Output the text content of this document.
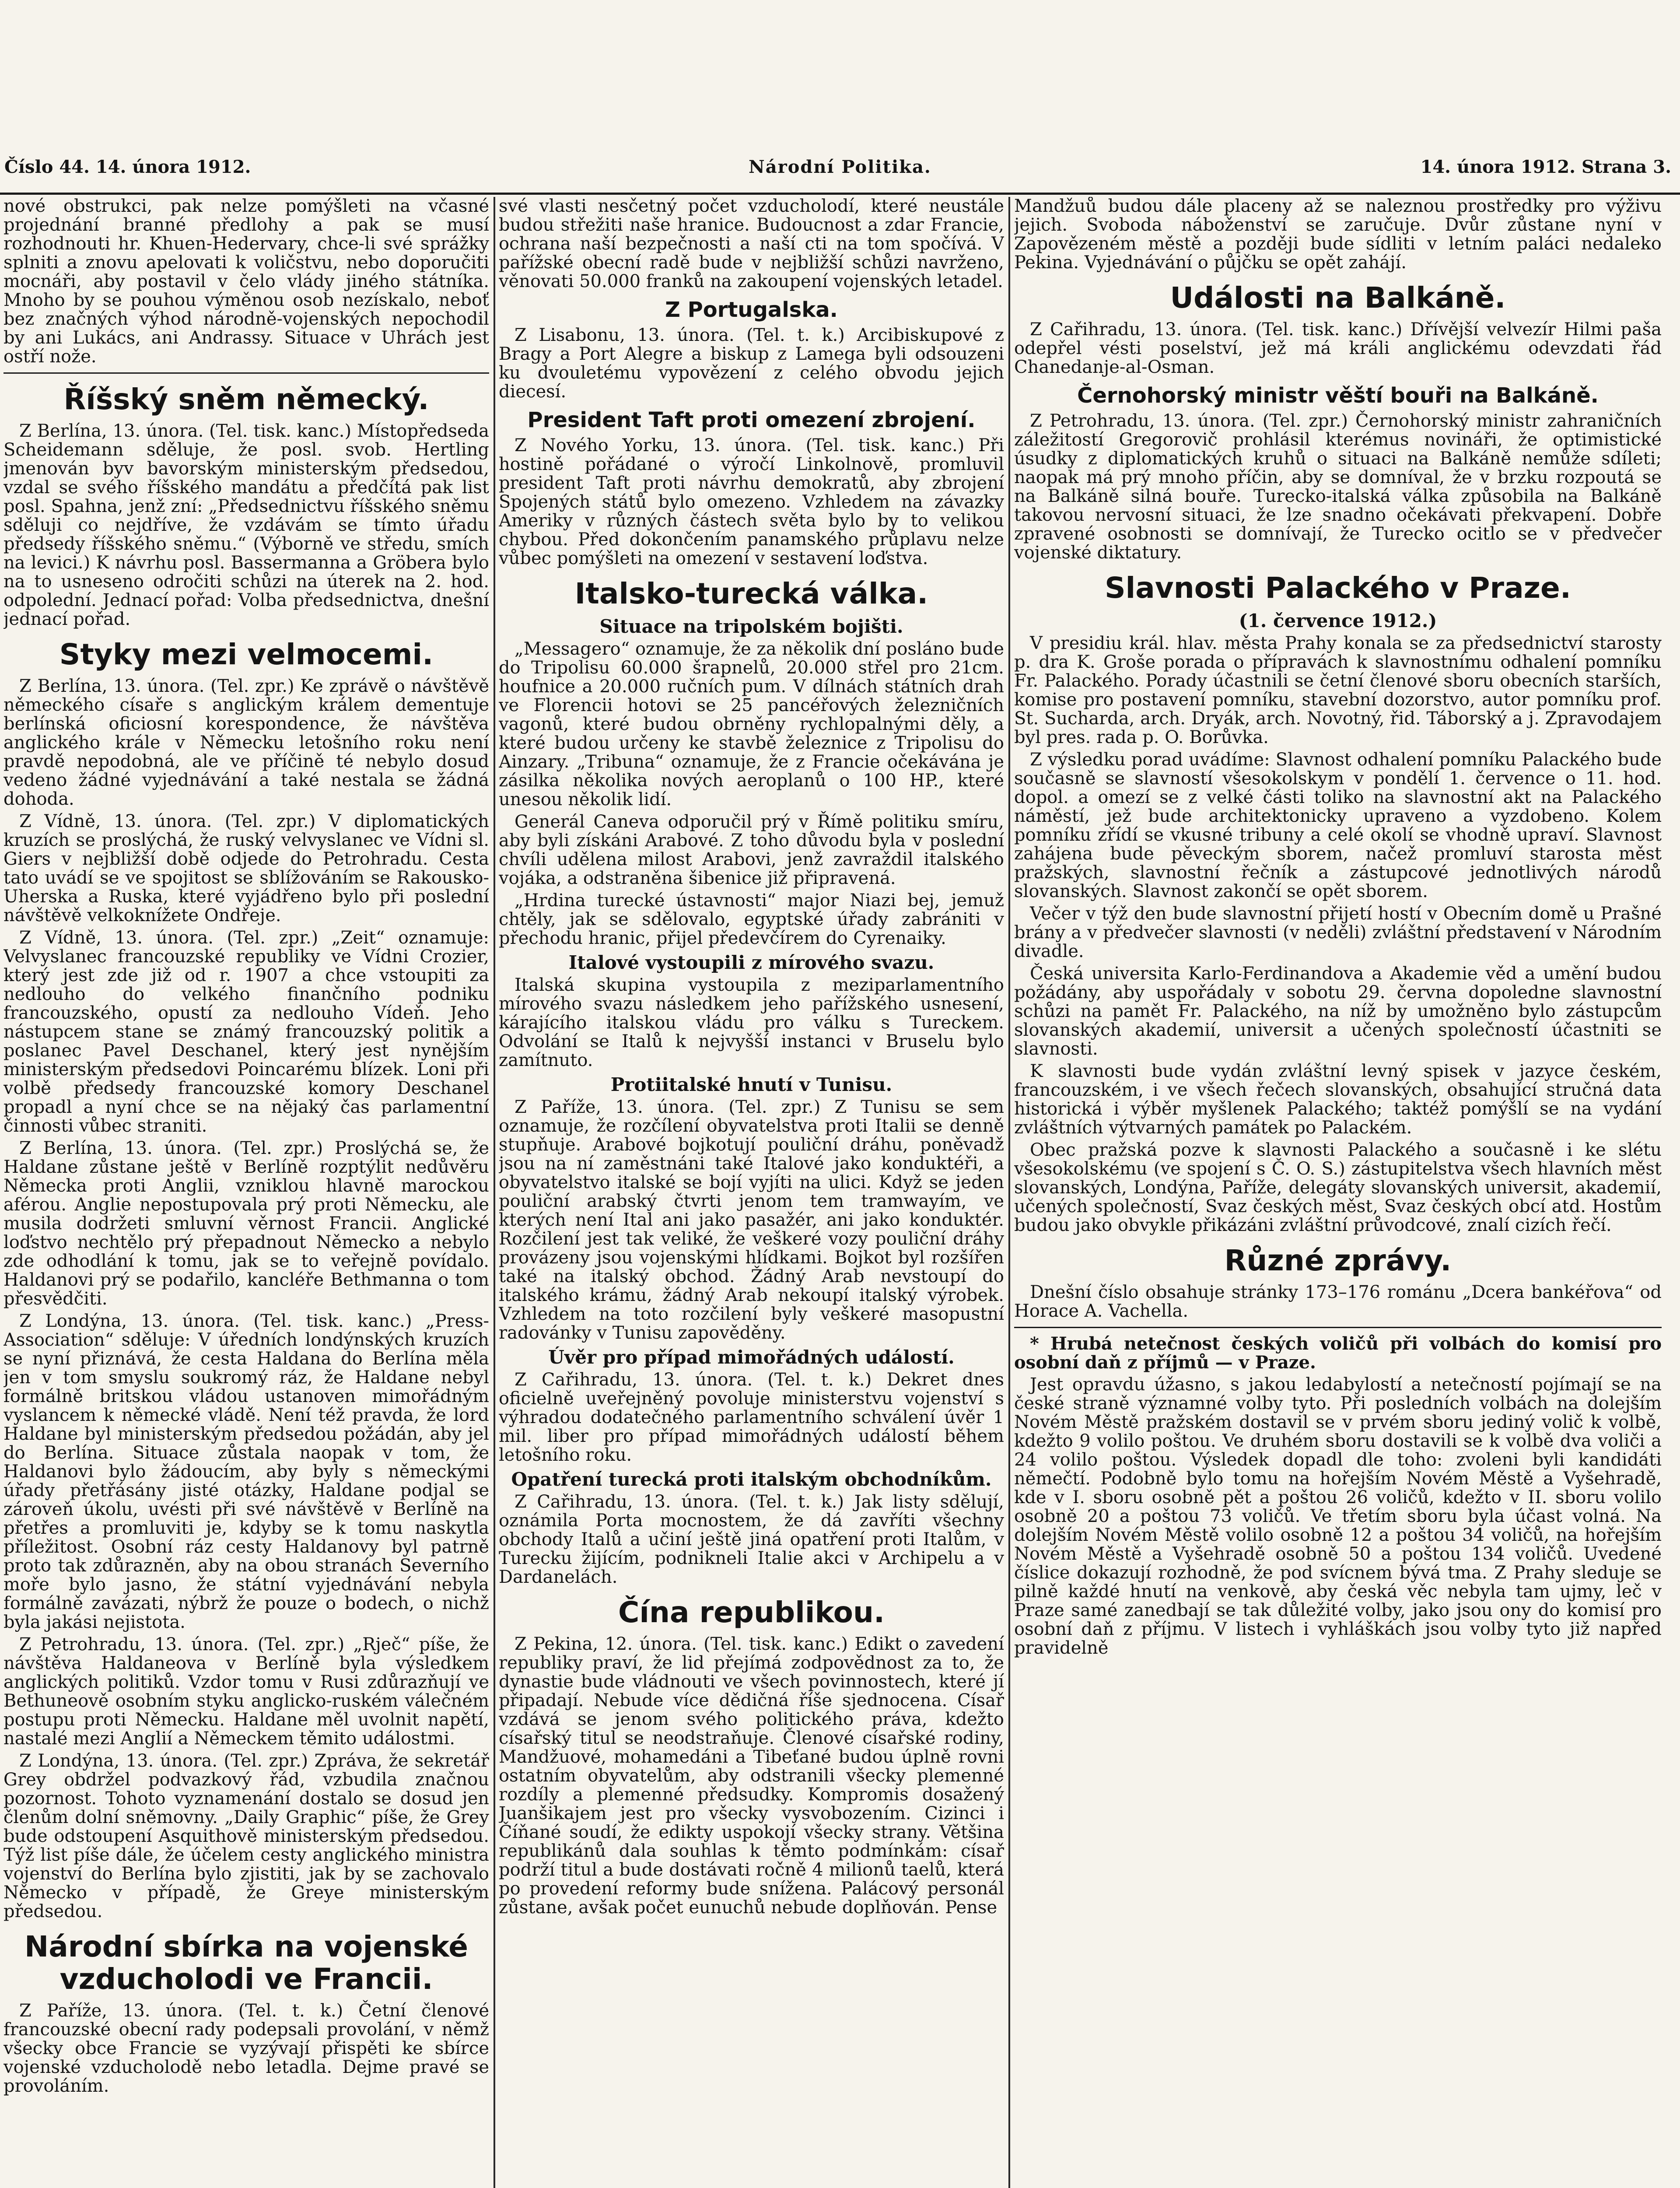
Číslo 44. 14. února 1912.	Národní Politika.	14. února 1912. Strana 3.

nové obstrukci, pak nelze pomýšleti na včasné projednání branné předlohy a pak se musí rozhodnouti hr. Khuen-Hedervary, chce-li své sprážky splniti a znovu apelovati k voličstvu, nebo doporučiti mocnáři, aby postavil v čelo vlády jiného státníka. Mnoho by se pouhou výměnou osob nezískalo, neboť bez značných výhod národně-vojenských nepochodil by ani Lukács, ani Andrassy. Situace v Uhrách jest ostří nože.

Říšský sněm německý.

Z Berlína, 13. února. (Tel. tisk. kanc.) Místopředseda Scheidemann sděluje, že posl. svob. Hertling jmenován byv bavorským ministerským předsedou, vzdal se svého říšského mandátu a předčítá pak list posl. Spahna, jenž zní: „Předsednictvu říšského sněmu sděluji co nejdříve, že vzdávám se tímto úřadu předsedy říšského sněmu.“ (Výborně ve středu, smích na levici.) K návrhu posl. Bassermanna a Gröbera bylo na to usneseno odročiti schůzi na úterek na 2. hod. odpolední. Jednací pořad: Volba předsednictva, dnešní jednací pořad.

Styky mezi velmocemi.

Z Berlína, 13. února. (Tel. zpr.) Ke zprávě o návštěvě německého císaře s anglickým králem dementuje berlínská oficiosní korespondence, že návštěva anglického krále v Německu letošního roku není pravdě nepodobná, ale ve příčině té nebylo dosud vedeno žádné vyjednávání a také nestala se žádná dohoda.

Z Vídně, 13. února. (Tel. zpr.) V diplomatických kruzích se proslýchá, že ruský velvyslanec ve Vídni sl. Giers v nejbližší době odjede do Petrohradu. Cesta tato uvádí se ve spojitost se sblížováním se Rakousko-Uherska a Ruska, které vyjádřeno bylo při poslední návštěvě velkoknížete Ondřeje.

Z Vídně, 13. února. (Tel. zpr.) „Zeit“ oznamuje: Velvyslanec francouzské republiky ve Vídni Crozier, který jest zde již od r. 1907 a chce vstoupiti za nedlouho do velkého finančního podniku francouzského, opustí za nedlouho Vídeň. Jeho nástupcem stane se známý francouzský politik a poslanec Pavel Deschanel, který jest nynějším ministerským předsedovi Poincarému blízek. Loni při volbě předsedy francouzské komory Deschanel propadl a nyní chce se na nějaký čas parlamentní činnosti vůbec straniti.

Z Berlína, 13. února. (Tel. zpr.) Proslýchá se, že Haldane zůstane ještě v Berlíně rozptýlit nedůvěru Německa proti Anglii, vzniklou hlavně marockou aférou. Anglie nepostupovala prý proti Německu, ale musila dodržeti smluvní věrnost Francii. Anglické loďstvo nechtělo prý přepadnout Německo a nebylo zde odhodlání k tomu, jak se to veřejně povídalo. Haldanovi prý se podařilo, kancléře Bethmanna o tom přesvědčiti.

Z Londýna, 13. února. (Tel. tisk. kanc.) „Press-Association“ sděluje: V úředních londýnských kruzích se nyní přiznává, že cesta Haldana do Berlína měla jen v tom smyslu soukromý ráz, že Haldane nebyl formálně britskou vládou ustanoven mimořádným vyslancem k německé vládě. Není též pravda, že lord Haldane byl ministerským předsedou požádán, aby jel do Berlína. Situace zůstala naopak v tom, že Haldanovi bylo žádoucím, aby byly s německými úřady přetřásány jisté otázky, Haldane podjal se zároveň úkolu, uvésti při své návštěvě v Berlíně na přetřes a promluviti je, kdyby se k tomu naskytla příležitost. Osobní ráz cesty Haldanovy byl patrně proto tak zdůrazněn, aby na obou stranách Severního moře bylo jasno, že státní vyjednávání nebyla formálně zavázati, nýbrž že pouze o bodech, o nichž byla jakási nejistota.

Z Petrohradu, 13. února. (Tel. zpr.) „Rječ“ píše, že návštěva Haldaneova v Berlíně byla výsledkem anglických politiků. Vzdor tomu v Rusi zdůrazňují ve Bethuneově osobním styku anglicko-ruském válečném postupu proti Německu. Haldane měl uvolnit napětí, nastalé mezi Anglií a Německem těmito událostmi.

Z Londýna, 13. února. (Tel. zpr.) Zpráva, že sekretář Grey obdržel podvazkový řád, vzbudila značnou pozornost. Tohoto vyznamenání dostalo se dosud jen členům dolní sněmovny. „Daily Graphic“ píše, že Grey bude odstoupení Asquithově ministerským předsedou. Týž list píše dále, že účelem cesty anglického ministra vojenství do Berlína bylo zjistiti, jak by se zachovalo Německo v případě, že Greye ministerským předsedou.

Národní sbírka na vojenské vzducholodi ve Francii.

Z Paříže, 13. února. (Tel. t. k.) Četní členové francouzské obecní rady podepsali provolání, v němž všecky obce Francie se vyzývají přispěti ke sbírce vojenské vzducholodě nebo letadla. Dejme pravé se provoláním.

své vlasti nesčetný počet vzducholodí, které neustále budou střežiti naše hranice. Budoucnost a zdar Francie, ochrana naší bezpečnosti a naší cti na tom spočívá. V pařížské obecní radě bude v nejbližší schůzi navrženo, věnovati 50.000 franků na zakoupení vojenských letadel.

Z Portugalska.

Z Lisabonu, 13. února. (Tel. t. k.) Arcibiskupové z Bragy a Port Alegre a biskup z Lamega byli odsouzeni ku dvouletému vypovězení z celého obvodu jejich diecesí.

President Taft proti omezení zbrojení.

Z Nového Yorku, 13. února. (Tel. tisk. kanc.) Při hostině pořádané o výročí Linkolnově, promluvil president Taft proti návrhu demokratů, aby zbrojení Spojených států bylo omezeno. Vzhledem na závazky Ameriky v různých částech světa bylo by to velikou chybou. Před dokončením panamského průplavu nelze vůbec pomýšleti na omezení v sestavení loďstva.

Italsko-turecká válka.
Situace na tripolském bojišti.

„Messagero“ oznamuje, že za několik dní posláno bude do Tripolisu 60.000 šrapnelů, 20.000 střel pro 21cm. houfnice a 20.000 ručních pum. V dílnách státních drah ve Florencii hotovi se 25 pancéřových železničních vagonů, které budou obrněny rychlopalnými děly, a které budou určeny ke stavbě železnice z Tripolisu do Ainzary. „Tribuna“ oznamuje, že z Francie očekávána je zásilka několika nových aeroplanů o 100 HP., které unesou několik lidí.

Generál Caneva odporučil prý v Římě politiku smíru, aby byli získáni Arabové. Z toho důvodu byla v poslední chvíli udělena milost Arabovi, jenž zavraždil italského vojáka, a odstraněna šibenice již připravená.

„Hrdina turecké ústavnosti“ major Niazi bej, jemuž chtěly, jak se sdělovalo, egyptské úřady zabrániti v přechodu hranic, přijel předevčírem do Cyrenaiky.

Italové vystoupili z mírového svazu.

Italská skupina vystoupila z meziparlamentního mírového svazu následkem jeho pařížského usnesení, kárajícího italskou vládu pro válku s Tureckem. Odvolání se Italů k nejvyšší instanci v Bruselu bylo zamítnuto.

Protiitalské hnutí v Tunisu.

Z Paříže, 13. února. (Tel. zpr.) Z Tunisu se sem oznamuje, že rozčílení obyvatelstva proti Italii se denně stupňuje. Arabové bojkotují pouliční dráhu, poněvadž jsou na ní zaměstnáni také Italové jako konduktéři, a obyvatelstvo italské se bojí vyjíti na ulici. Když se jeden pouliční arabský čtvrti jenom tem tramwayím, ve kterých není Ital ani jako pasažér, ani jako konduktér. Rozčilení jest tak veliké, že veškeré vozy pouliční dráhy provázeny jsou vojenskými hlídkami. Bojkot byl rozšířen také na italský obchod. Žádný Arab nevstoupí do italského krámu, žádný Arab nekoupí italský výrobek. Vzhledem na toto rozčilení byly veškeré masopustní radovánky v Tunisu zapověděny.

Úvěr pro případ mimořádných událostí.

Z Cařihradu, 13. února. (Tel. t. k.) Dekret dnes oficielně uveřejněný povoluje ministerstvu vojenství s výhradou dodatečného parlamentního schválení úvěr 1 mil. liber pro případ mimořádných událostí během letošního roku.

Opatření turecká proti italským obchodníkům.

Z Cařihradu, 13. února. (Tel. t. k.) Jak listy sdělují, oznámila Porta mocnostem, že dá zavříti všechny obchody Italů a učiní ještě jiná opatření proti Italům, v Turecku žijícím, podnikneli Italie akci v Archipelu a v Dardanelách.

Čína republikou.

Z Pekina, 12. února. (Tel. tisk. kanc.) Edikt o zavedení republiky praví, že lid přejímá zodpovědnost za to, že dynastie bude vládnouti ve všech povinnostech, které jí připadají. Nebude více dědičná říše sjednocena. Císař vzdává se jenom svého politického práva, kdežto císařský titul se neodstraňuje. Členové císařské rodiny, Mandžuové, mohamedáni a Tibeťané budou úplně rovni ostatním obyvatelům, aby odstranili všecky plemenné rozdíly a plemenné předsudky. Kompromis dosažený Juanšikajem jest pro všecky vysvobozením. Cizinci i Číňané soudí, že edikty uspokojí všecky strany. Většina republikánů dala souhlas k těmto podmínkám: císař podrží titul a bude dostávati ročně 4 milionů taelů, která po provedení reformy bude snížena. Palácový personál zůstane, avšak počet eunuchů nebude doplňován. Pense

Mandžuů budou dále placeny až se naleznou prostředky pro výživu jejich. Svoboda náboženství se zaručuje. Dvůr zůstane nyní v Zapovězeném městě a později bude sídliti v letním paláci nedaleko Pekina. Vyjednávání o půjčku se opět zahájí.

Události na Balkáně.

Z Cařihradu, 13. února. (Tel. tisk. kanc.) Dřívější velvezír Hilmi paša odepřel vésti poselství, jež má králi anglickému odevzdati řád Chanedanje-al-Osman.

Černohorský ministr věští bouři na Balkáně.

Z Petrohradu, 13. února. (Tel. zpr.) Černohorský ministr zahraničních záležitostí Gregorovič prohlásil kterémus novináři, že optimistické úsudky z diplomatických kruhů o situaci na Balkáně nemůže sdíleti; naopak má prý mnoho příčin, aby se domníval, že v brzku rozpoutá se na Balkáně silná bouře. Turecko-italská válka způsobila na Balkáně takovou nervosní situaci, že lze snadno očekávati překvapení. Dobře zpravené osobnosti se domnívají, že Turecko ocitlo se v předvečer vojenské diktatury.

Slavnosti Palackého v Praze.
(1. července 1912.)

V presidiu král. hlav. města Prahy konala se za předsednictví starosty p. dra K. Groše porada o přípravách k slavnostnímu odhalení pomníku Fr. Palackého. Porady účastnili se četní členové sboru obecních starších, komise pro postavení pomníku, stavební dozorstvo, autor pomníku prof. St. Sucharda, arch. Dryák, arch. Novotný, řid. Táborský a j. Zpravodajem byl pres. rada p. O. Borůvka.

Z výsledku porad uvádíme: Slavnost odhalení pomníku Palackého bude současně se slavností všesokolskym v pondělí 1. července o 11. hod. dopol. a omezí se z velké části toliko na slavnostní akt na Palackého náměstí, jež bude architektonicky upraveno a vyzdobeno. Kolem pomníku zřídí se vkusné tribuny a celé okolí se vhodně upraví. Slavnost zahájena bude pěveckým sborem, načež promluví starosta měst pražských, slavnostní řečník a zástupcové jednotlivých národů slovanských. Slavnost zakončí se opět sborem.

Večer v týž den bude slavnostní přijetí hostí v Obecním domě u Prašné brány a v předvečer slavnosti (v neděli) zvláštní představení v Národním divadle.

Česká universita Karlo-Ferdinandova a Akademie věd a umění budou požádány, aby uspořádaly v sobotu 29. června dopoledne slavnostní schůzi na pamět Fr. Palackého, na níž by umožněno bylo zástupcům slovanských akademií, universit a učených společností účastniti se slavnosti.

K slavnosti bude vydán zvláštní levný spisek v jazyce českém, francouzském, i ve všech řečech slovanských, obsahující stručná data historická i výběr myšlenek Palackého; taktéž pomýšlí se na vydání zvláštních výtvarných památek po Palackém.

Obec pražská pozve k slavnosti Palackého a současně i ke slétu všesokolskému (ve spojení s Č. O. S.) zástupitelstva všech hlavních měst slovanských, Londýna, Paříže, delegáty slovanských universit, akademií, učených společností, Svaz českých měst, Svaz českých obcí atd. Hostům budou jako obvykle přikázáni zvláštní průvodcové, znalí cizích řečí.

Různé zprávy.

Dnešní číslo obsahuje stránky 173–176 románu „Dcera bankéřova“ od Horace A. Vachella.

* Hrubá netečnost českých voličů při volbách do komisí pro osobní daň z příjmů — v Praze.

Jest opravdu úžasno, s jakou ledabylostí a netečností pojímají se na české straně významné volby tyto. Při posledních volbách na dolejším Novém Městě pražském dostavil se v prvém sboru jediný volič k volbě, kdežto 9 volilo poštou. Ve druhém sboru dostavili se k volbě dva voliči a 24 volilo poštou. Výsledek dopadl dle toho: zvoleni byli kandidáti němečtí. Podobně bylo tomu na hořejším Novém Městě a Vyšehradě, kde v I. sboru osobně pět a poštou 26 voličů, kdežto v II. sboru volilo osobně 20 a poštou 73 voličů. Ve třetím sboru byla účast volná. Na dolejším Novém Městě volilo osobně 12 a poštou 34 voličů, na hořejším Novém Městě a Vyšehradě osobně 50 a poštou 134 voličů. Uvedené číslice dokazují rozhodně, že pod svícnem bývá tma. Z Prahy sleduje se pilně každé hnutí na venkově, aby česká věc nebyla tam ujmy, leč v Praze samé zanedbají se tak důležité volby, jako jsou ony do komisí pro osobní daň z příjmu. V listech i vyhláškách jsou volby tyto již napřed pravidelně
